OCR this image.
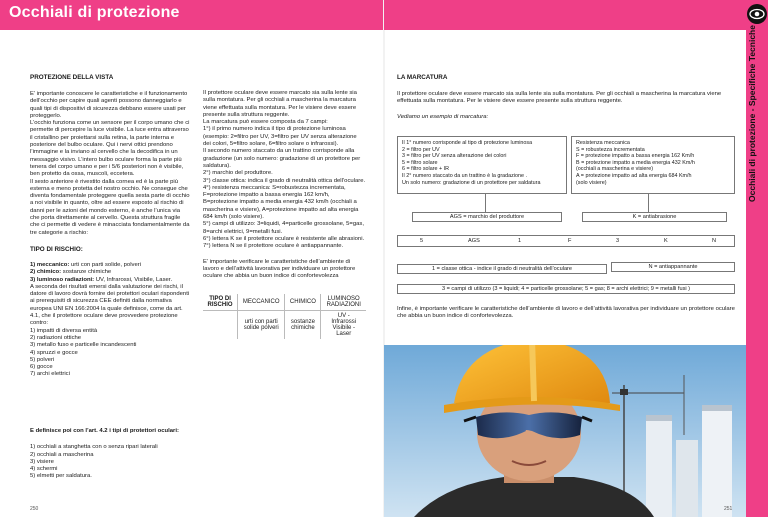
Occhiali di protezione
PROTEZIONE DELLA VISTA

E’ importante conoscere le caratteristiche e il funzionamento dell’occhio per capire quali agenti possono danneggiarlo e quali tipi di dispositivi di sicurezza debbano essere usati per proteggerlo.
L’occhio funziona come un sensore per il corpo umano che ci permette di percepire la luce visibile. La luce entra attraverso il cristallino per proiettarsi sulla retina, la parte interna e posteriore del bulbo oculare. Qui i nervi ottici prendono l’immagine e la inviano al cervello che la decodifica in un messaggio visivo. L’intero bulbo oculare forma la parte più tenera del corpo umano e per i 5/6 posteriori non è visibile, ben protetto da ossa, muscoli, eccetera.
Il sesto anteriore è rivestito dalla cornea ed è la parte più esterna e meno protetta del nostro occhio. Ne consegue che diventa fondamentale proteggere quella sesta parte di occhio a noi visibile in quanto, oltre ad essere esposto al rischio di danni per le azioni del mondo esterno, è anche l’unica via che porta direttamente al cervello. Questa struttura fragile che ci permette di vedere è minacciata fondamentalmente da tre categorie a rischio:

TIPO DI RISCHIO:
1) meccanico: urti con parti solide, polveri
2) chimico: sostanze chimiche
3) luminoso radiazioni: UV, Infrarossi, Visibile, Laser.

A seconda dei risultati emersi dalla valutazione dei rischi, il datore di lavoro dovrà fornire dei protettori oculari rispondenti ai prerequisiti di sicurezza CEE definiti dalla normativa europea UNI EN 166:2004 la quale definisce, come da art. 4.1, che il protettore oculare deve provvedere protezione contro:

1) impatti di diversa entità
2) radiazioni ottiche
3) metallo fuso e particelle incandescenti
4) spruzzi e gocce
5) polveri
6) gocce
7) archi elettrici
E definisce poi con l’art. 4.2 i tipi di protettori oculari:
1) occhiali a stanghetta con o senza ripari laterali
2) occhiali a mascherina
3) visiere
4) schermi
5) elmetti per saldatura.

Il protettore oculare deve essere marcato sia sulla lente sia sulla montatura. Per gli occhiali a mascherina la marcatura viene effettuata sulla montatura. Per le visiere deve essere presente sulla struttura reggente.
La marcatura può essere composta da 7 campi:
1°) il primo numero indica il tipo di protezione luminosa (esempio: 2=filtro per UV, 3=filtro per UV senza alterazione dei colori, 5=filtro solare, 6=filtro solare o infrarossi).
Il secondo numero staccato da un trattino corrisponde alla gradazione (un solo numero: gradazione di un protettore per saldatura).
2°) marchio del produttore.
3°) classe ottica: indica il grado di neutralità ottica dell’oculare.
4°) resistenza meccanica: S=robustezza incrementata, F=protezione impatto a bassa energia 162 km/h, B=protezione impatto a media energia 432 km/h (occhiali a mascherina e visiere), A=protezione impatto ad alta energia 684 km/h (solo visiere).
5°) campi di utilizzo: 3=liquidi, 4=particelle grossolane, 5=gas, 8=archi elettrici, 9=metalli fusi.
6°) lettera K se il protettore oculare è resistente alle abrasioni.
7°) lettera N se il protettore oculare è antiappannante.

E’ importante verificare le caratteristiche dell’ambiente di lavoro e dell’attività lavorativa per individuare un protettore oculare che abbia un buon indice di confortevolezza

TIPO DI RISCHIO	MECCANICO	CHIMICO	LUMINOSO RADIAZIONI
	urti con parti solide polveri	sostanze chimiche	UV - Infrarossi Visibile - Laser
250
Occhiali di protezione - Specifiche Tecniche
LA MARCATURA

Il protettore oculare deve essere marcato sia sulla lente sia sulla montatura. Per gli occhiali a mascherina la marcatura viene effettuata sulla montatura. Per le visiere deve essere presente sulla struttura reggente.

Vediamo un esempio di marcatura:

Il 1° numero corrisponde al tipo di protezione luminosa
2 = filtro per UV
3 = filtro per UV senza alterazione dei colori
5 = filtro solare
6 = filtro solare + IR
Il 2° numero staccato da un trattino è la gradazione .
Un solo numero: gradazione di un protettore per saldatura
Resistenza meccanica
S = robustezza incrementata
F = protezione impatto a bassa energia 162 Km/h
B = protezione impatto a media energia 432 Km/h
(occhiali a mascherina e visiere)
A = protezione impatto ad alta energia 684 Km/h
(solo visiere)
AGS = marchio del produttore	K = antiabrasione
5	AGS	1	F	3	K	N
1 = classe ottica - indice il grado di neutralità dell’oculare	N = antiappannante
3 = campi di utilizzo (3 = liquidi; 4 = particelle grossolane; 5 = gas; 8 = archi elettrici; 9 = metalli fusi )

Infine, è importante verificare le caratteristiche dell’ambiente di lavoro e dell’attività lavorativa per individuare un protettore oculare che abbia un buon indice di confortevolezza.

251
